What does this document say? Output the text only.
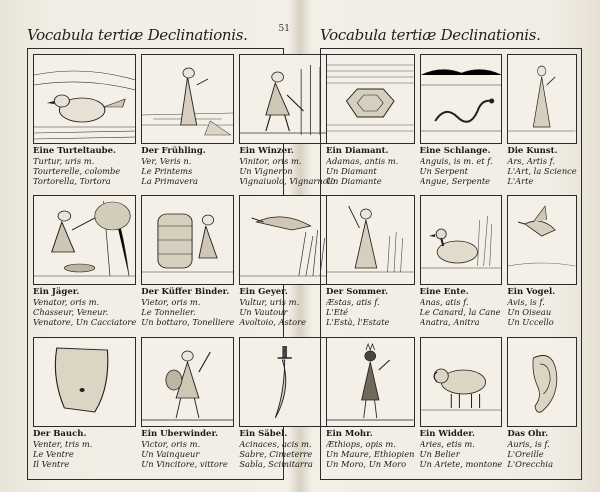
Vocabula tertiæ Declinationis.	51
Eine Turteltaube.
Turtur, uris m.
Tourterelle, colombe
Tortorella, Tortora
Der Frühling.
Ver, Veris n.
Le Printems
La Primavera
Ein Winzer.
Vinitor, oris m.
Un Vigneron
Vignaiuolo, Vignarnolo
Ein Jäger.
Venator, oris m.
Chasseur, Veneur.
Venatore, Un Cacciatore
Der Küffer Binder.
Vietor, oris m.
Le Tonnelier.
Un bottaro, Tonelliere
Ein Geyer.
Vultur, uris m.
Un Vautour
Avoltoio, Astore
Der Bauch.
Venter, tris m.
Le Ventre
Il Ventre
Ein Uberwinder.
Victor, oris m.
Un Vainqueur
Un Vincitore, vittore
Ein Säbel.
Acinaces, acis m.
Sabre, Cimeterre
Sabla, Scimitarra
Vocabula tertiæ Declinationis.
Ein Diamant.
Adamas, antis m.
Un Diamant
Un Diamante
Eine Schlange.
Anguis, is m. et f.
Un Serpent
Angue, Serpente
Die Kunst.
Ars, Artis f.
L'Art, la Science
L'Arte
Der Sommer.
Æstas, atis f.
L'Eté
L'Està, l'Estate
Eine Ente.
Anas, atis f.
Le Canard, la Cane
Anatra, Anitra
Ein Vogel.
Avis, is f.
Un Oiseau
Un Uccello
Ein Mohr.
Æthiops, opis m.
Un Maure, Ethiopien
Un Moro, Un Moro
Ein Widder.
Aries, etis m.
Un Belier
Un Ariete, montone
Das Ohr.
Auris, is f.
L'Oreille
L'Orecchia
